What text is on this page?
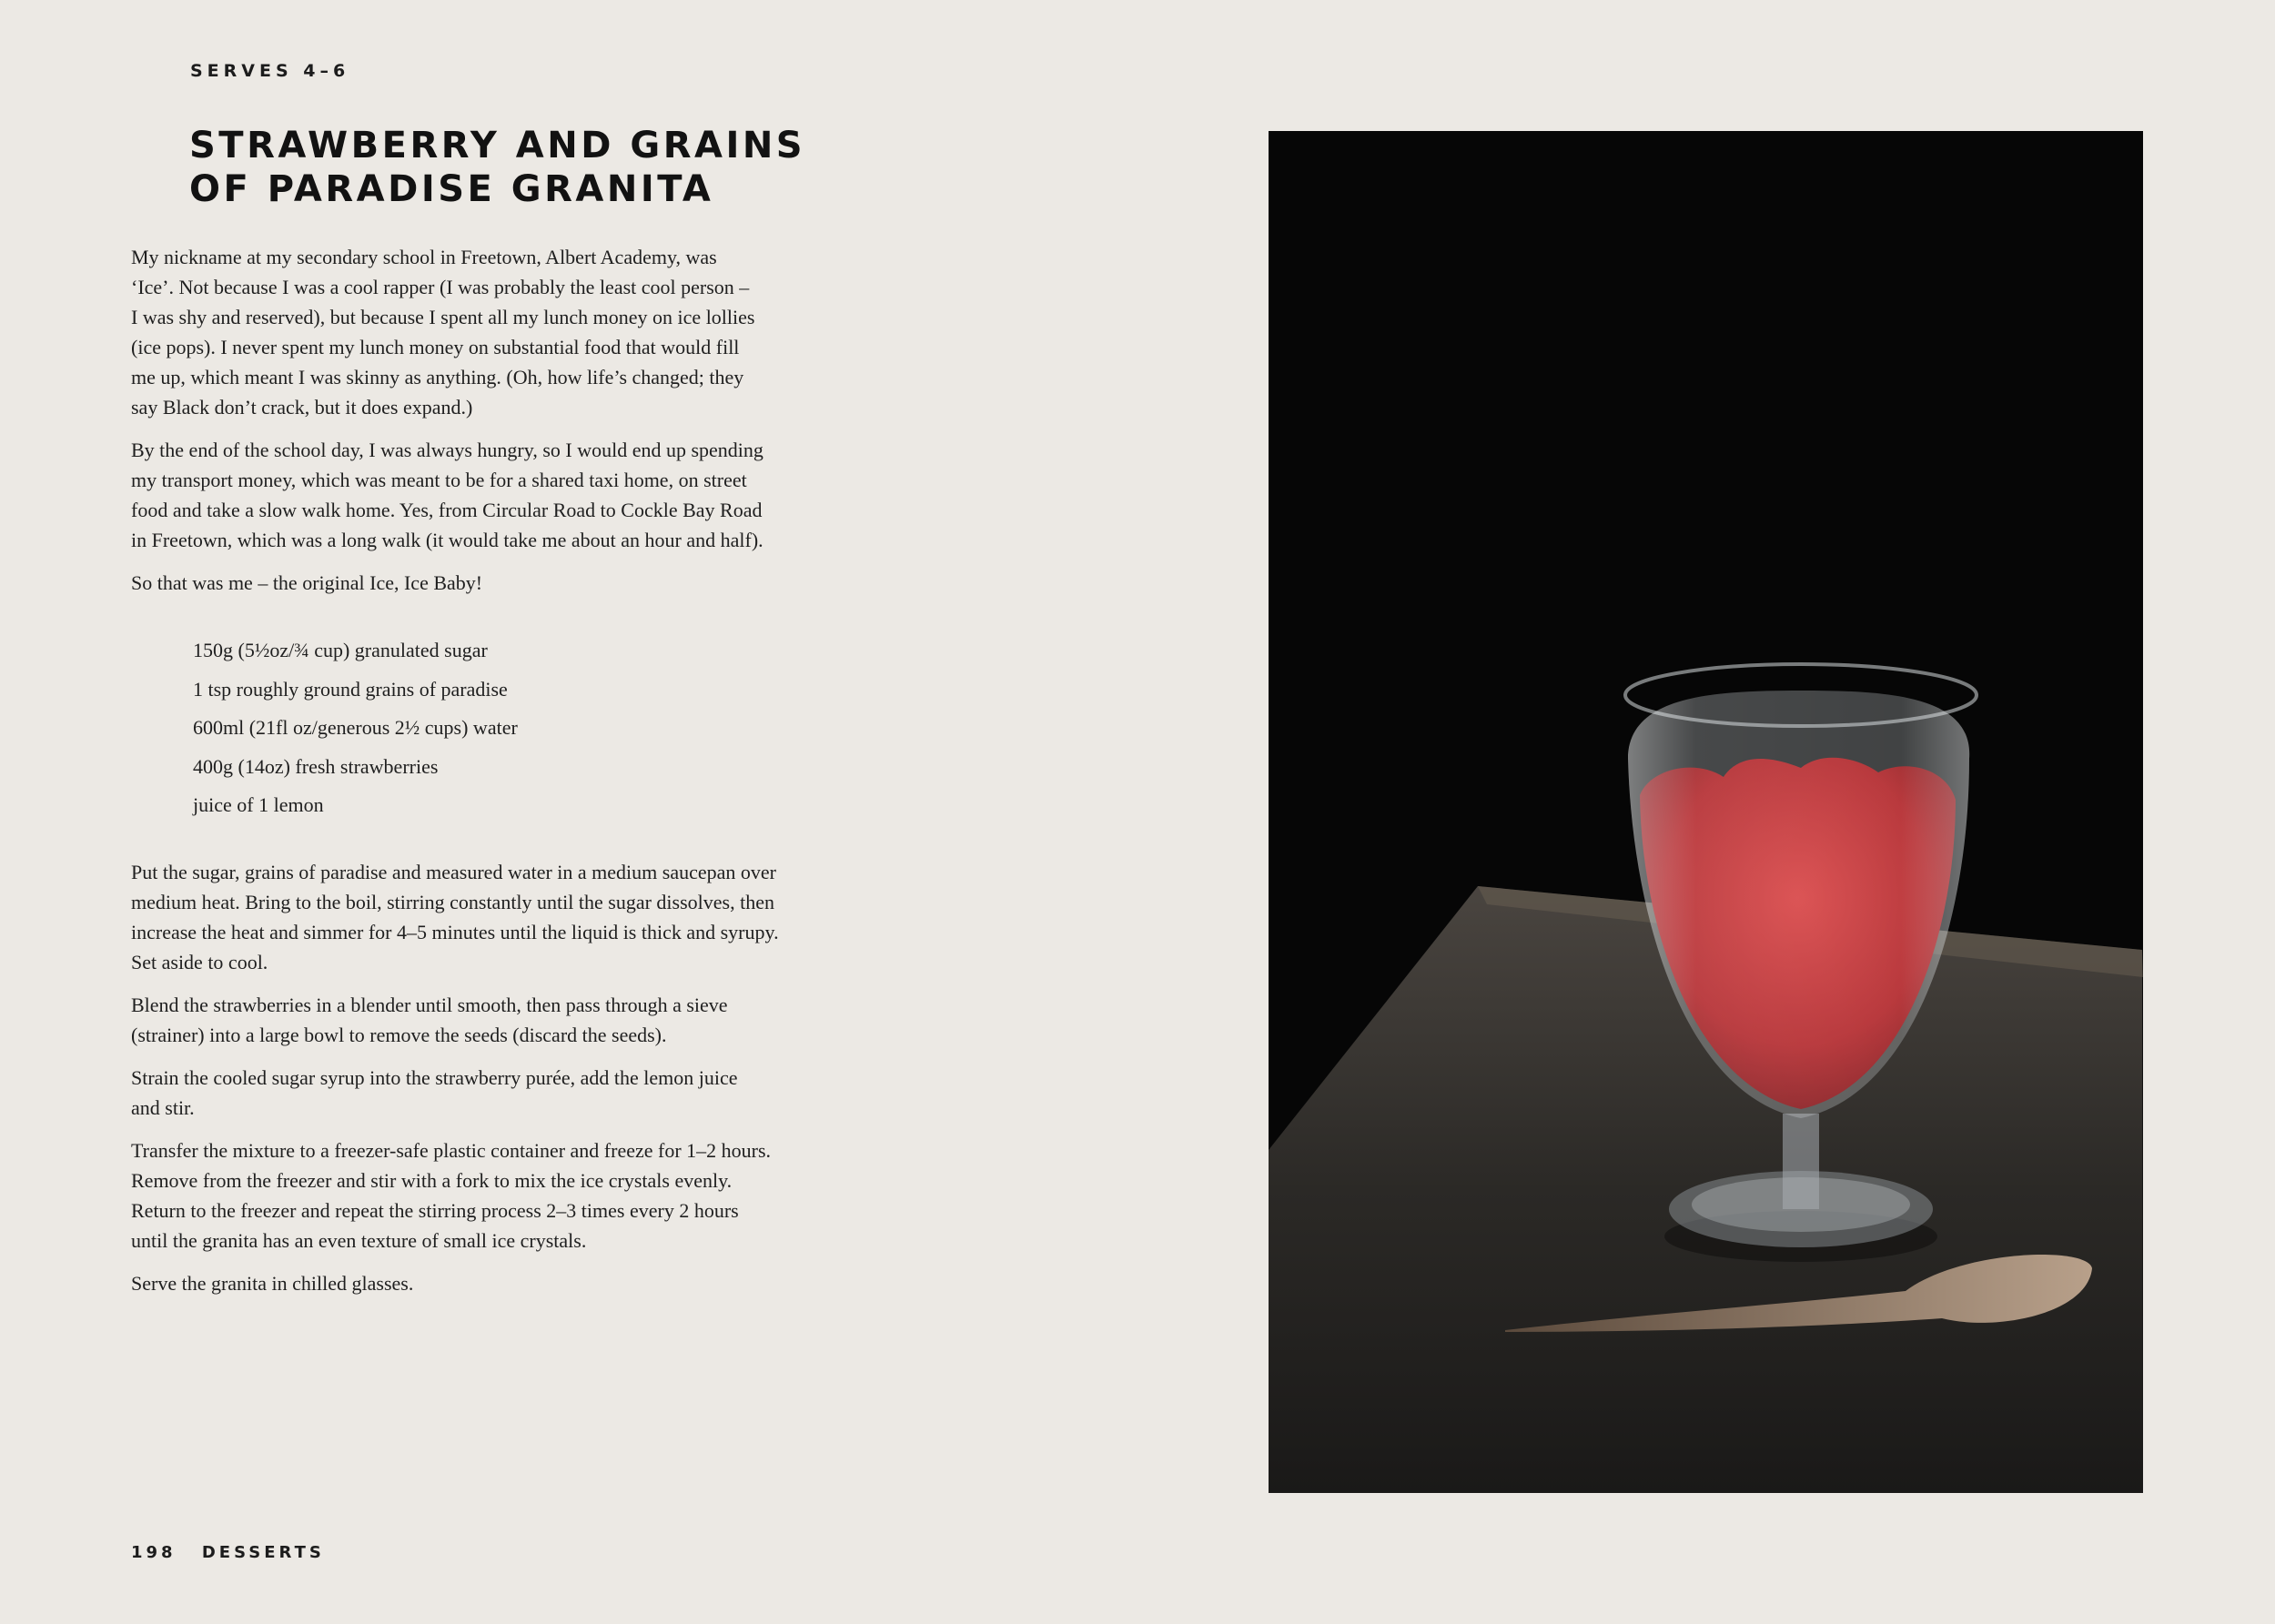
SERVES 4–6
STRAWBERRY AND GRAINS
OF PARADISE GRANITA

My nickname at my secondary school in Freetown, Albert Academy, was
‘Ice’. Not because I was a cool rapper (I was probably the least cool person –
I was shy and reserved), but because I spent all my lunch money on ice lollies
(ice pops). I never spent my lunch money on substantial food that would fill
me up, which meant I was skinny as anything. (Oh, how life’s changed; they
say Black don’t crack, but it does expand.)

By the end of the school day, I was always hungry, so I would end up spending
my transport money, which was meant to be for a shared taxi home, on street
food and take a slow walk home. Yes, from Circular Road to Cockle Bay Road
in Freetown, which was a long walk (it would take me about an hour and half).

So that was me – the original Ice, Ice Baby!

150g (5½oz/¾ cup) granulated sugar
1 tsp roughly ground grains of paradise
600ml (21fl oz/generous 2½ cups) water
400g (14oz) fresh strawberries
juice of 1 lemon

Put the sugar, grains of paradise and measured water in a medium saucepan over
medium heat. Bring to the boil, stirring constantly until the sugar dissolves, then
increase the heat and simmer for 4–5 minutes until the liquid is thick and syrupy.
Set aside to cool.

Blend the strawberries in a blender until smooth, then pass through a sieve
(strainer) into a large bowl to remove the seeds (discard the seeds).

Strain the cooled sugar syrup into the strawberry purée, add the lemon juice
and stir.

Transfer the mixture to a freezer-safe plastic container and freeze for 1–2 hours.
Remove from the freezer and stir with a fork to mix the ice crystals evenly.
Return to the freezer and repeat the stirring process 2–3 times every 2 hours
until the granita has an even texture of small ice crystals.

Serve the granita in chilled glasses.

198 DESSERTS
